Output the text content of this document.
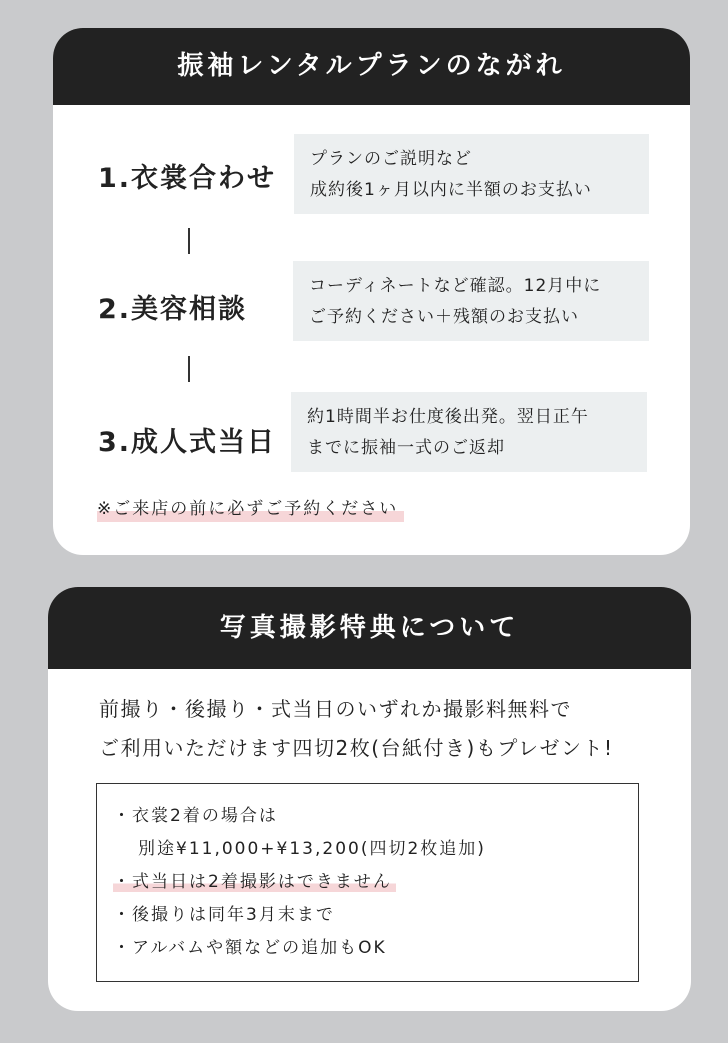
振袖レンタルプランのながれ
1.衣裳合わせ
プランのご説明など
成約後1ヶ月以内に半額のお支払い
2.美容相談
コーディネートなど確認。12月中に
ご予約ください＋残額のお支払い
3.成人式当日
約1時間半お仕度後出発。翌日正午
までに振袖一式のご返却
※ご来店の前に必ずご予約ください
写真撮影特典について
前撮り・後撮り・式当日のいずれか撮影料無料で
ご利用いただけます四切2枚(台紙付き)もプレゼント!
・衣裳2着の場合は
別途¥11,000+¥13,200(四切2枚追加)
・式当日は2着撮影はできません
・後撮りは同年3月末まで
・アルバムや額などの追加もOK
